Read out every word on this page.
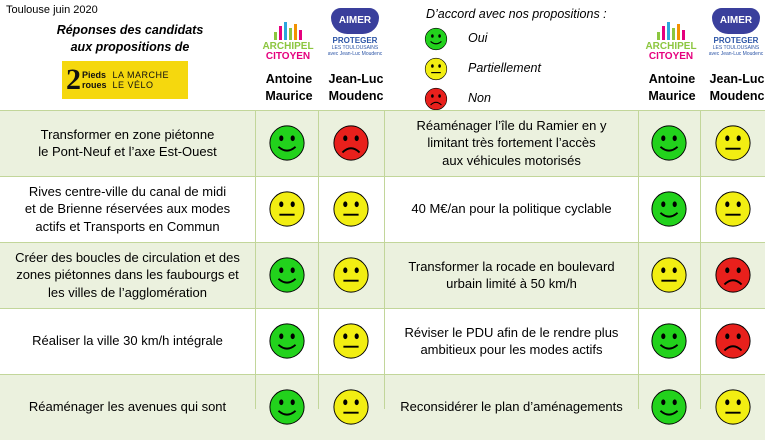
Toulouse juin 2020
Réponses des candidats
aux propositions de
2 Pieds
roues
LA MARCHE
LE VÉLO
ARCHIPEL
CITOYEN
AIMER
PROTEGER
LES TOULOUSAINS
avec Jean-Luc Moudenc
Antoine
Maurice
Jean-Luc
Moudenc
ARCHIPEL
CITOYEN
AIMER
PROTEGER
LES TOULOUSAINS
avec Jean-Luc Moudenc
Antoine
Maurice
Jean-Luc
Moudenc
D’accord avec nos propositions :
Oui
Partiellement
Non
Transformer en zone piétonne
le Pont-Neuf et l’axe Est-Ouest
Réaménager l’île du Ramier en y
limitant très fortement l’accès
aux véhicules motorisés
Rives centre-ville du canal de midi
et de Brienne réservées aux modes
actifs et Transports en Commun
40 M€/an pour la politique cyclable
Créer des boucles de circulation et des
zones piétonnes dans les faubourgs et
les villes de l’agglomération
Transformer la rocade en boulevard
urbain limité à 50 km/h
Réaliser la ville 30 km/h intégrale
Réviser le PDU afin de le rendre plus
ambitieux pour les modes actifs
Réaménager les avenues qui sont	Reconsidérer le plan d’aménagements
